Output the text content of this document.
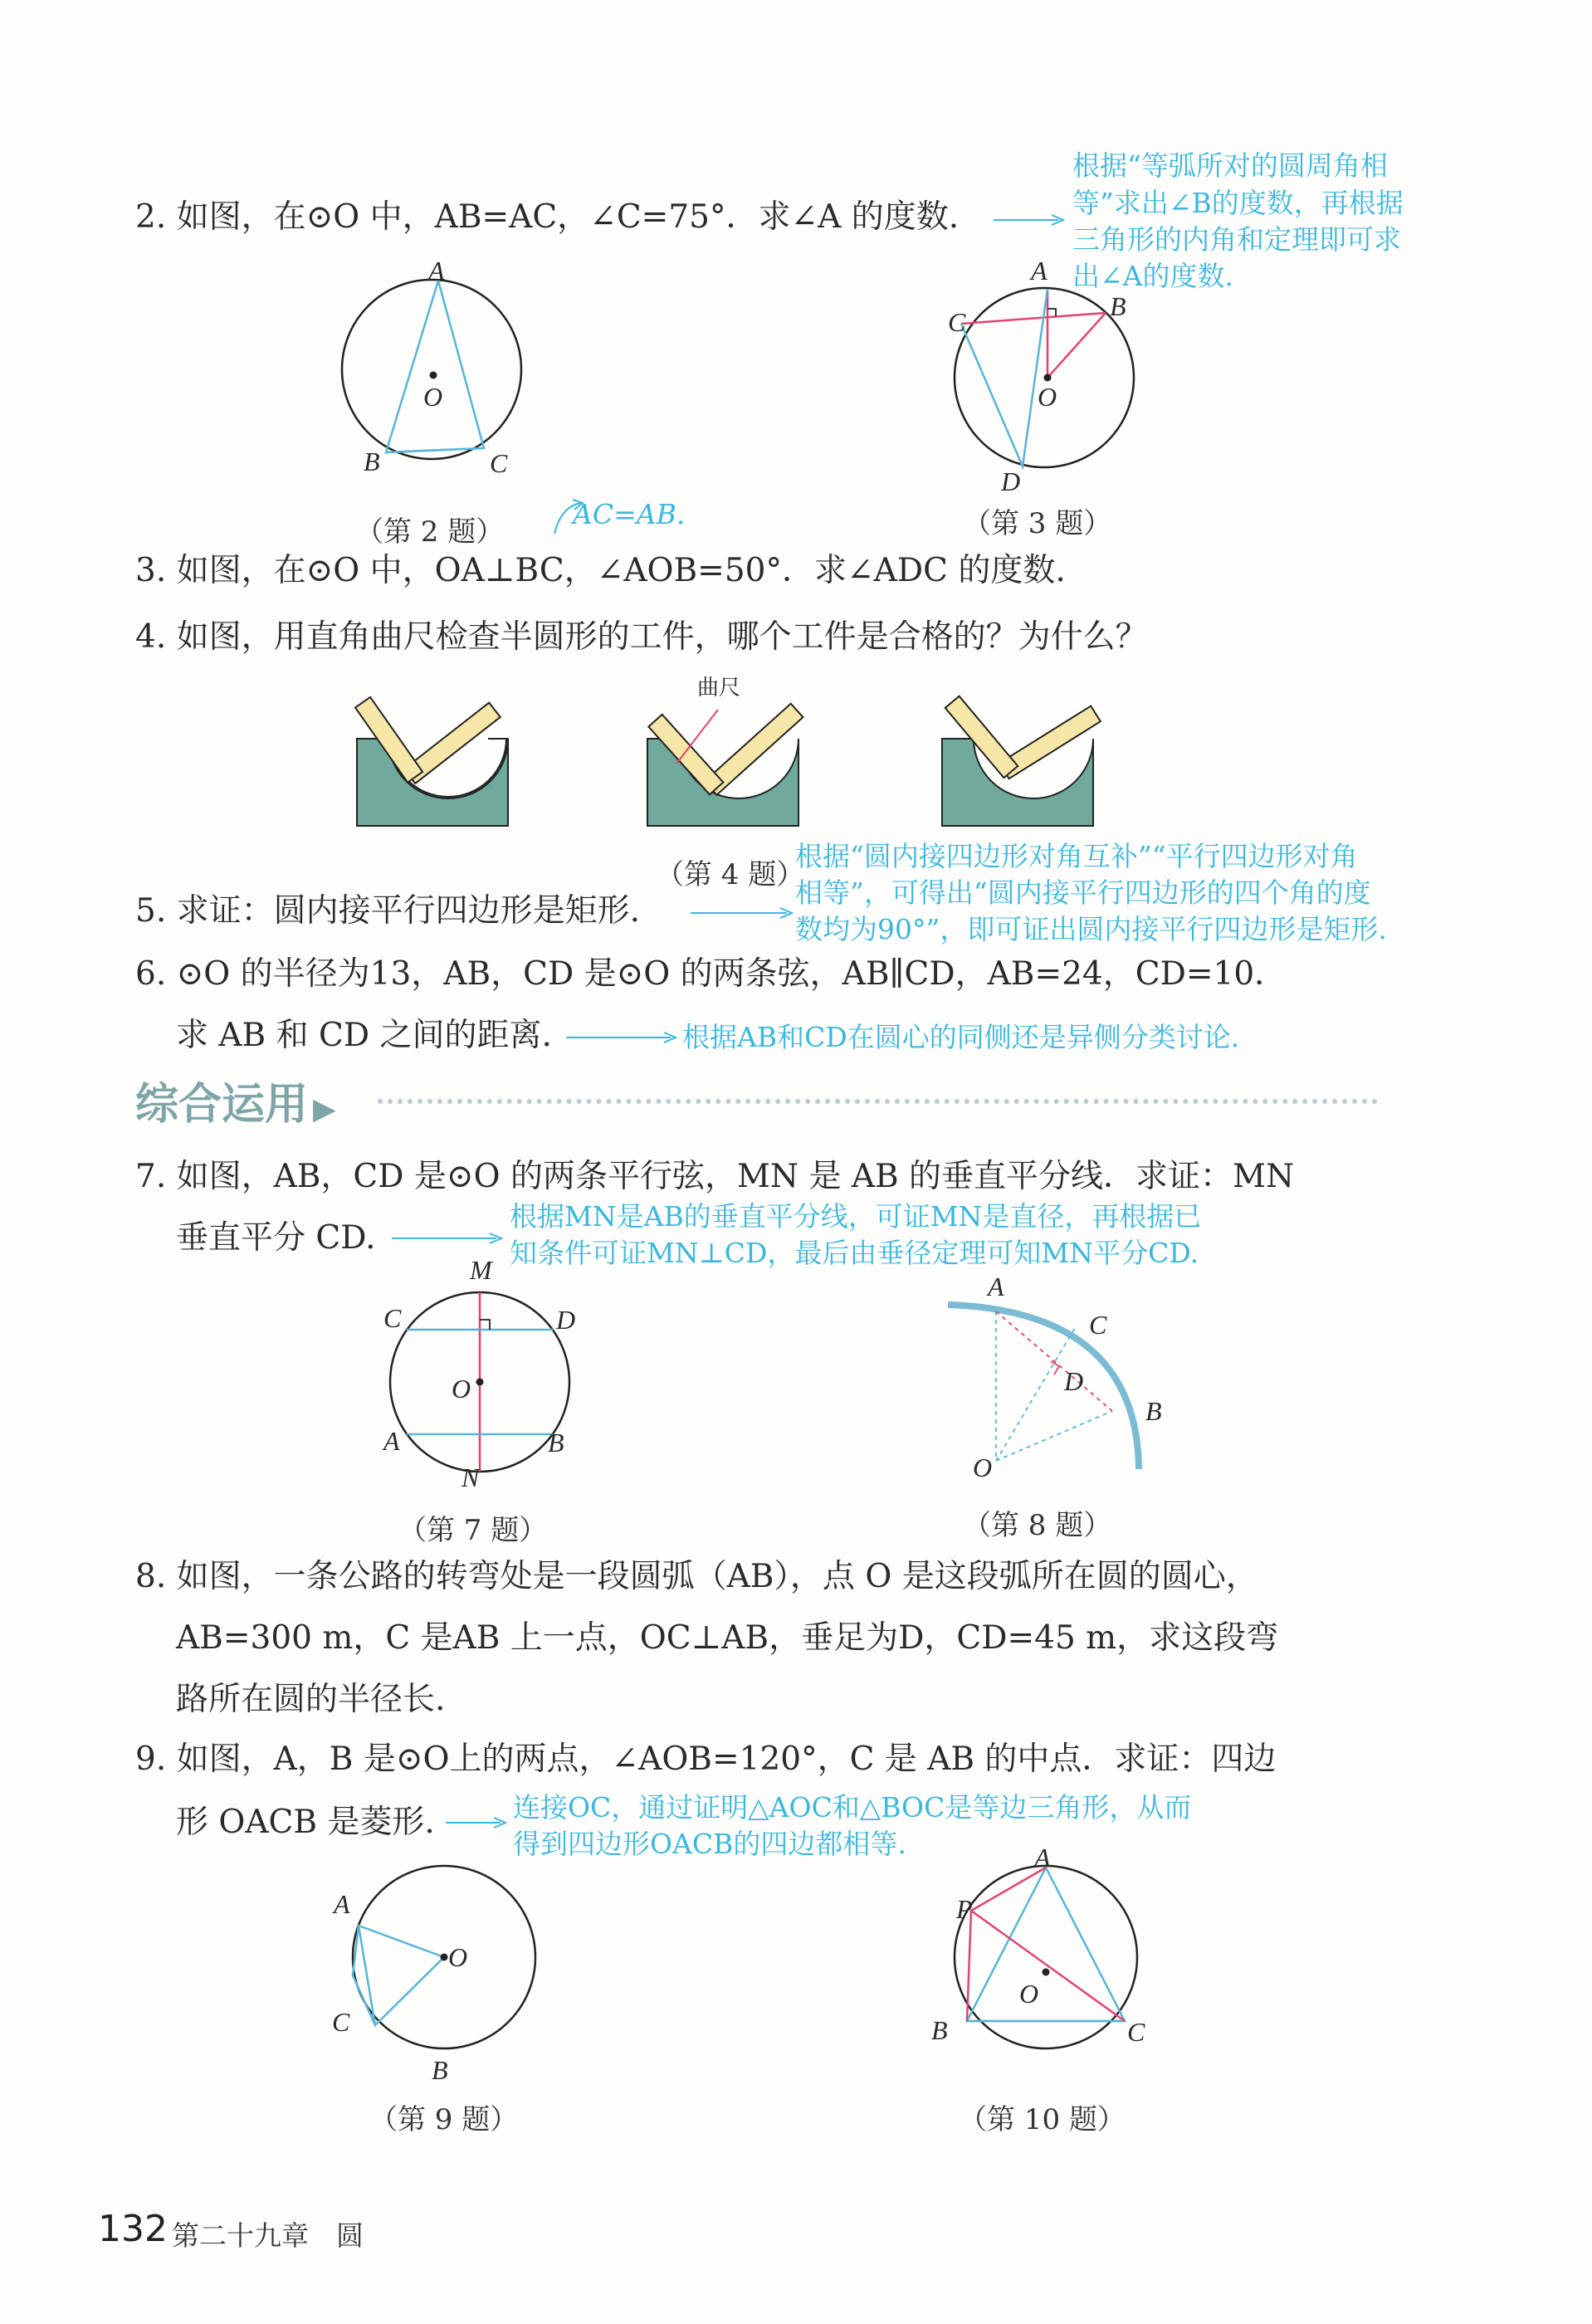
2. 如图，在⊙O 中，AB=AC，∠C=75°．求∠A 的度数.
根据“等弧所对的圆周角相
等”求出∠B的度数，再根据
三角形的内角和定理即可求
出∠A的度数.
A
O
B	C
（第 2 题）
AC=AB.
A
B
C
O
D
（第 3 题）
3. 如图，在⊙O 中，OA⊥BC，∠AOB=50°．求∠ADC 的度数.
4. 如图，用直角曲尺检查半圆形的工件，哪个工件是合格的？为什么？
曲尺
（第 4 题）
5. 求证：圆内接平行四边形是矩形.
根据“圆内接四边形对角互补”“平行四边形对角
相等”，可得出“圆内接平行四边形的四个角的度
数均为90°”，即可证出圆内接平行四边形是矩形.
6. ⊙O 的半径为13，AB，CD 是⊙O 的两条弦，AB∥CD，AB=24，CD=10．
求 AB 和 CD 之间的距离.	根据AB和CD在圆心的同侧还是异侧分类讨论.
综合运用 ▶
7. 如图，AB，CD 是⊙O 的两条平行弦，MN 是 AB 的垂直平分线．求证：MN
垂直平分 CD.
根据MN是AB的垂直平分线，可证MN是直径，再根据已
知条件可证MN⊥CD，最后由垂径定理可知MN平分CD.
M
C	D
O
A	B
N
（第 7 题）
A
C
D
B
O
（第 8 题）
8. 如图，一条公路的转弯处是一段圆弧（AB），点 O 是这段弧所在圆的圆心，
AB=300 m，C 是AB 上一点，OC⊥AB，垂足为D，CD=45 m，求这段弯
路所在圆的半径长.
9. 如图，A，B 是⊙O上的两点，∠AOB=120°，C 是 AB 的中点．求证：四边
形 OACB 是菱形.	连接OC，通过证明△AOC和△BOC是等边三角形，从而
得到四边形OACB的四边都相等.
A
O
C
B
（第 9 题）
A
P
O
B	C
（第 10 题）
132 第二十九章　圆
